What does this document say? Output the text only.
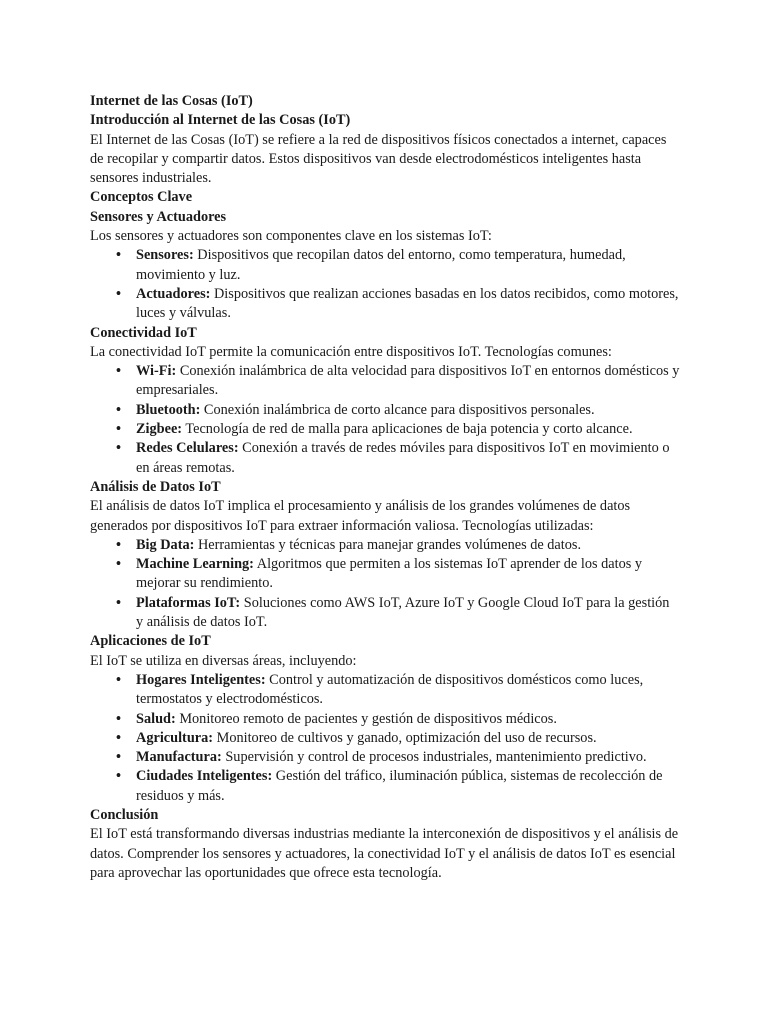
Internet de las Cosas (IoT)
Introducción al Internet de las Cosas (IoT)

El Internet de las Cosas (IoT) se refiere a la red de dispositivos físicos conectados a internet, capaces de recopilar y compartir datos. Estos dispositivos van desde electrodomésticos inteligentes hasta sensores industriales.

Conceptos Clave
Sensores y Actuadores

Los sensores y actuadores son componentes clave en los sistemas IoT:

• Sensores: Dispositivos que recopilan datos del entorno, como temperatura, humedad, movimiento y luz.
• Actuadores: Dispositivos que realizan acciones basadas en los datos recibidos, como motores, luces y válvulas.
Conectividad IoT

La conectividad IoT permite la comunicación entre dispositivos IoT. Tecnologías comunes:

• Wi-Fi: Conexión inalámbrica de alta velocidad para dispositivos IoT en entornos domésticos y empresariales.
• Bluetooth: Conexión inalámbrica de corto alcance para dispositivos personales.
• Zigbee: Tecnología de red de malla para aplicaciones de baja potencia y corto alcance.
• Redes Celulares: Conexión a través de redes móviles para dispositivos IoT en movimiento o en áreas remotas.
Análisis de Datos IoT

El análisis de datos IoT implica el procesamiento y análisis de los grandes volúmenes de datos generados por dispositivos IoT para extraer información valiosa. Tecnologías utilizadas:

• Big Data: Herramientas y técnicas para manejar grandes volúmenes de datos.
• Machine Learning: Algoritmos que permiten a los sistemas IoT aprender de los datos y mejorar su rendimiento.
• Plataformas IoT: Soluciones como AWS IoT, Azure IoT y Google Cloud IoT para la gestión y análisis de datos IoT.
Aplicaciones de IoT

El IoT se utiliza en diversas áreas, incluyendo:

• Hogares Inteligentes: Control y automatización de dispositivos domésticos como luces, termostatos y electrodomésticos.
• Salud: Monitoreo remoto de pacientes y gestión de dispositivos médicos.
• Agricultura: Monitoreo de cultivos y ganado, optimización del uso de recursos.
• Manufactura: Supervisión y control de procesos industriales, mantenimiento predictivo.
• Ciudades Inteligentes: Gestión del tráfico, iluminación pública, sistemas de recolección de residuos y más.
Conclusión

El IoT está transformando diversas industrias mediante la interconexión de dispositivos y el análisis de datos. Comprender los sensores y actuadores, la conectividad IoT y el análisis de datos IoT es esencial para aprovechar las oportunidades que ofrece esta tecnología.
